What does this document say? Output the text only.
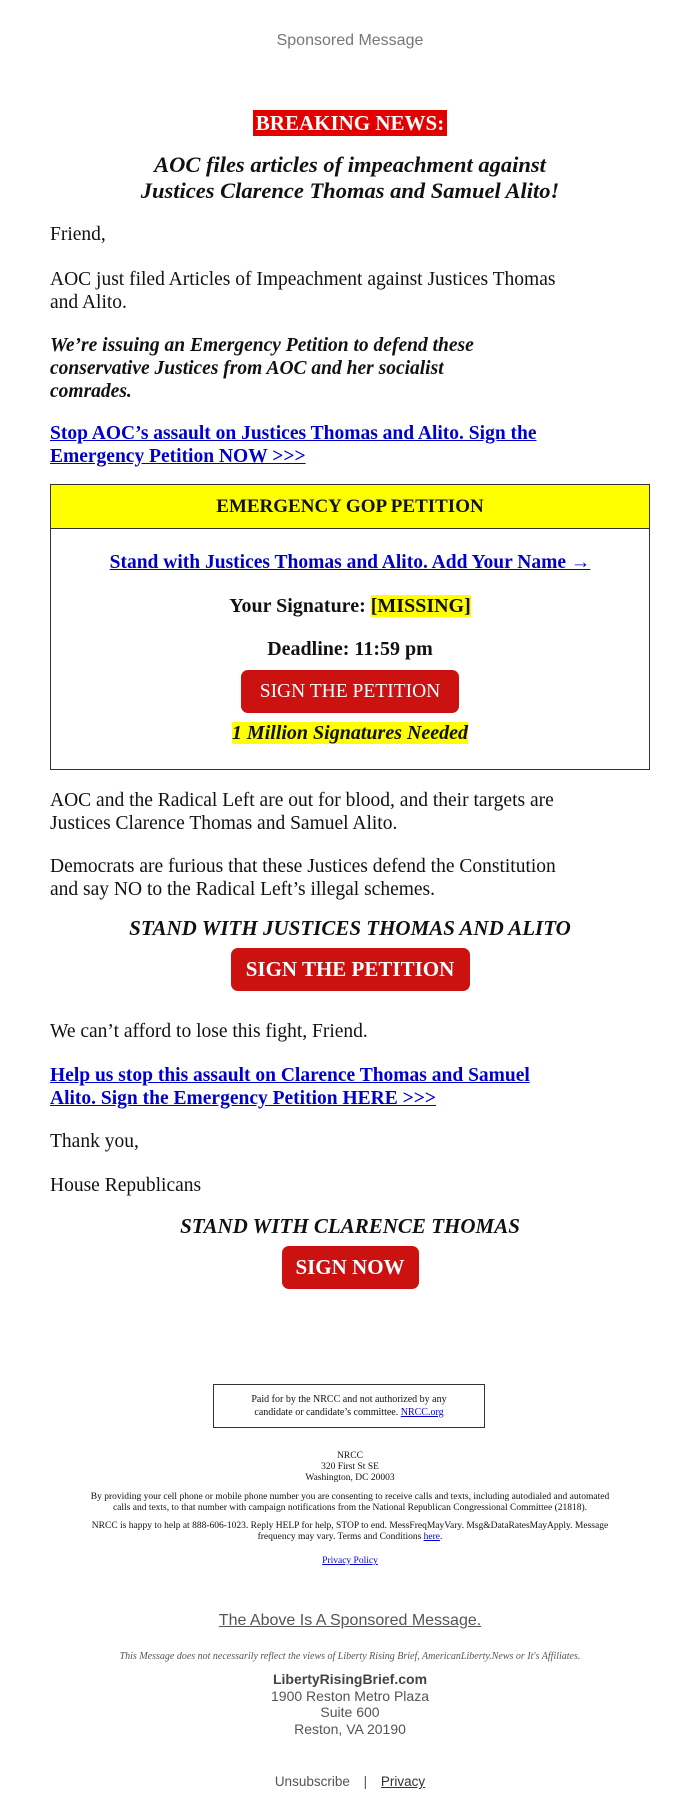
Sponsored Message
BREAKING NEWS:
AOC files articles of impeachment against
Justices Clarence Thomas and Samuel Alito!
Friend,
AOC just filed Articles of Impeachment against Justices Thomas
and Alito.
We’re issuing an Emergency Petition to defend these
conservative Justices from AOC and her socialist
comrades.
Stop AOC’s assault on Justices Thomas and Alito. Sign the
Emergency Petition NOW >>>
EMERGENCY GOP PETITION
Stand with Justices Thomas and Alito. Add Your Name →
Your Signature: [MISSING]
Deadline: 11:59 pm
SIGN THE PETITION
1 Million Signatures Needed
AOC and the Radical Left are out for blood, and their targets are
Justices Clarence Thomas and Samuel Alito.
Democrats are furious that these Justices defend the Constitution
and say NO to the Radical Left’s illegal schemes.
STAND WITH JUSTICES THOMAS AND ALITO
SIGN THE PETITION
We can’t afford to lose this fight, Friend.
Help us stop this assault on Clarence Thomas and Samuel
Alito. Sign the Emergency Petition HERE >>>
Thank you,
House Republicans
STAND WITH CLARENCE THOMAS
SIGN NOW
Paid for by the NRCC and not authorized by any
candidate or candidate’s committee. NRCC.org
NRCC
320 First St SE
Washington, DC 20003
By providing your cell phone or mobile phone number you are consenting to receive calls and texts, including autodialed and automated
calls and texts, to that number with campaign notifications from the National Republican Congressional Committee (21818).
NRCC is happy to help at 888-606-1023. Reply HELP for help, STOP to end. MessFreqMayVary. Msg&DataRatesMayApply. Message
frequency may vary. Terms and Conditions here.
Privacy Policy
The Above Is A Sponsored Message.
This Message does not necessarily reflect the views of Liberty Rising Brief, AmericanLiberty.News or It's Affiliates.
LibertyRisingBrief.com
1900 Reston Metro Plaza
Suite 600
Reston, VA 20190
Unsubscribe | Privacy
